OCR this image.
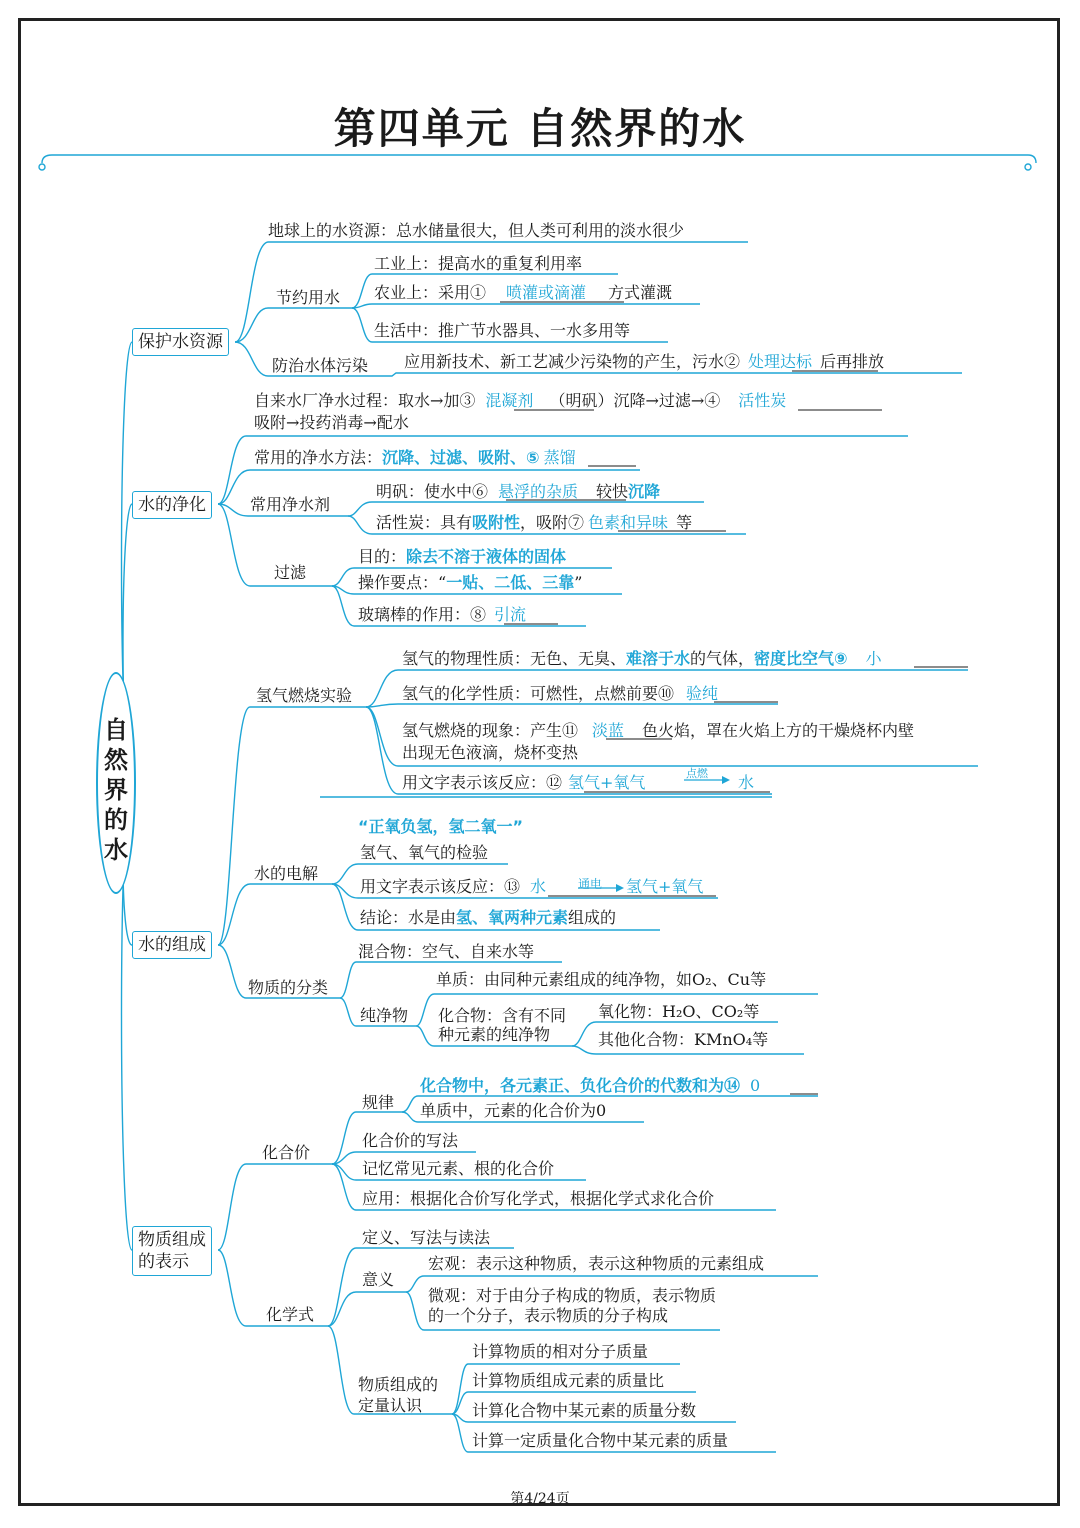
第四单元 自然界的水
自
然
界
的
水
保护水资源
水的净化
水的组成
物质组成
的表示
地球上的水资源：总水储量很大，但人类可利用的淡水很少
节约用水
工业上：提高水的重复利用率
农业上：采用① 喷灌或滴灌 方式灌溉
生活中：推广节水器具、一水多用等
防治水体污染 应用新技术、新工艺减少污染物的产生，污水② 处理达标 后再排放
自来水厂净水过程：取水→加③ 混凝剂 （明矾）沉降→过滤→④ 活性炭
吸附→投药消毒→配水
常用的净水方法：沉降、过滤、吸附、⑤ 蒸馏
常用净水剂
明矾：使水中⑥ 悬浮的杂质 较快沉降
活性炭：具有吸附性，吸附⑦ 色素和异味 等
过滤
目的：除去不溶于液体的固体
操作要点：“一贴、二低、三靠”
玻璃棒的作用：⑧ 引流
氢气燃烧实验
氢气的物理性质：无色、无臭、难溶于水的气体，密度比空气⑨ 小
氢气的化学性质：可燃性，点燃前要⑩ 验纯
氢气燃烧的现象：产生⑪ 淡蓝 色火焰，罩在火焰上方的干燥烧杯内壁
出现无色液滴，烧杯变热
用文字表示该反应：⑫ 氢气+氧气	点燃 水
水的电解
“正氧负氢，氢二氧一”
氢气、氧气的检验
用文字表示该反应：⑬ 水	通电 氢气+氧气
结论：水是由氢、氧两种元素组成的
物质的分类
混合物：空气、自来水等
纯净物
单质：由同种元素组成的纯净物，如O₂、Cu等
化合物：含有不同
种元素的纯净物
氧化物：H₂O、CO₂等
其他化合物：KMnO₄等
化合价
规律
化合物中，各元素正、负化合价的代数和为⑭ 0
单质中，元素的化合价为0
化合价的写法
记忆常见元素、根的化合价
应用：根据化合价写化学式，根据化学式求化合价
化学式
定义、写法与读法
意义
宏观：表示这种物质，表示这种物质的元素组成
微观：对于由分子构成的物质，表示物质
的一个分子，表示物质的分子构成
物质组成的
定量认识
计算物质的相对分子质量
计算物质组成元素的质量比
计算化合物中某元素的质量分数
计算一定质量化合物中某元素的质量
第4/24页
